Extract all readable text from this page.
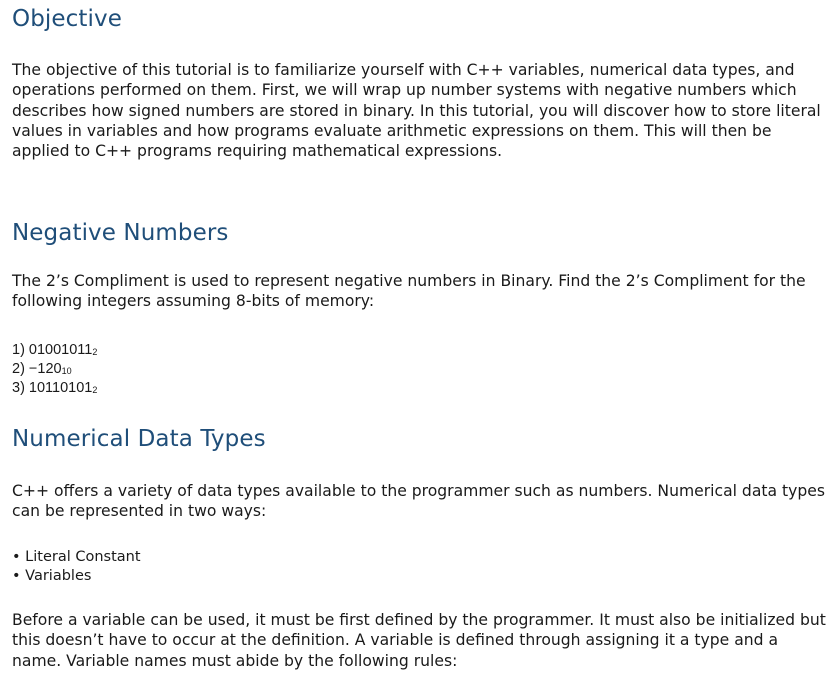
Objective

The objective of this tutorial is to familiarize yourself with C++ variables, numerical data types, and operations performed on them. First, we will wrap up number systems with negative numbers which describes how signed numbers are stored in binary. In this tutorial, you will discover how to store literal values in variables and how programs evaluate arithmetic expressions on them. This will then be applied to C++ programs requiring mathematical expressions.

Negative Numbers

The 2’s Compliment is used to represent negative numbers in Binary. Find the 2’s Compliment for the following integers assuming 8-bits of memory:

1) 010010112
2) −12010
3) 101101012
Numerical Data Types

C++ offers a variety of data types available to the programmer such as numbers. Numerical data types can be represented in two ways:

• Literal Constant
• Variables

Before a variable can be used, it must be first defined by the programmer. It must also be initialized but this doesn’t have to occur at the definition. A variable is defined through assigning it a type and a name. Variable names must abide by the following rules:
